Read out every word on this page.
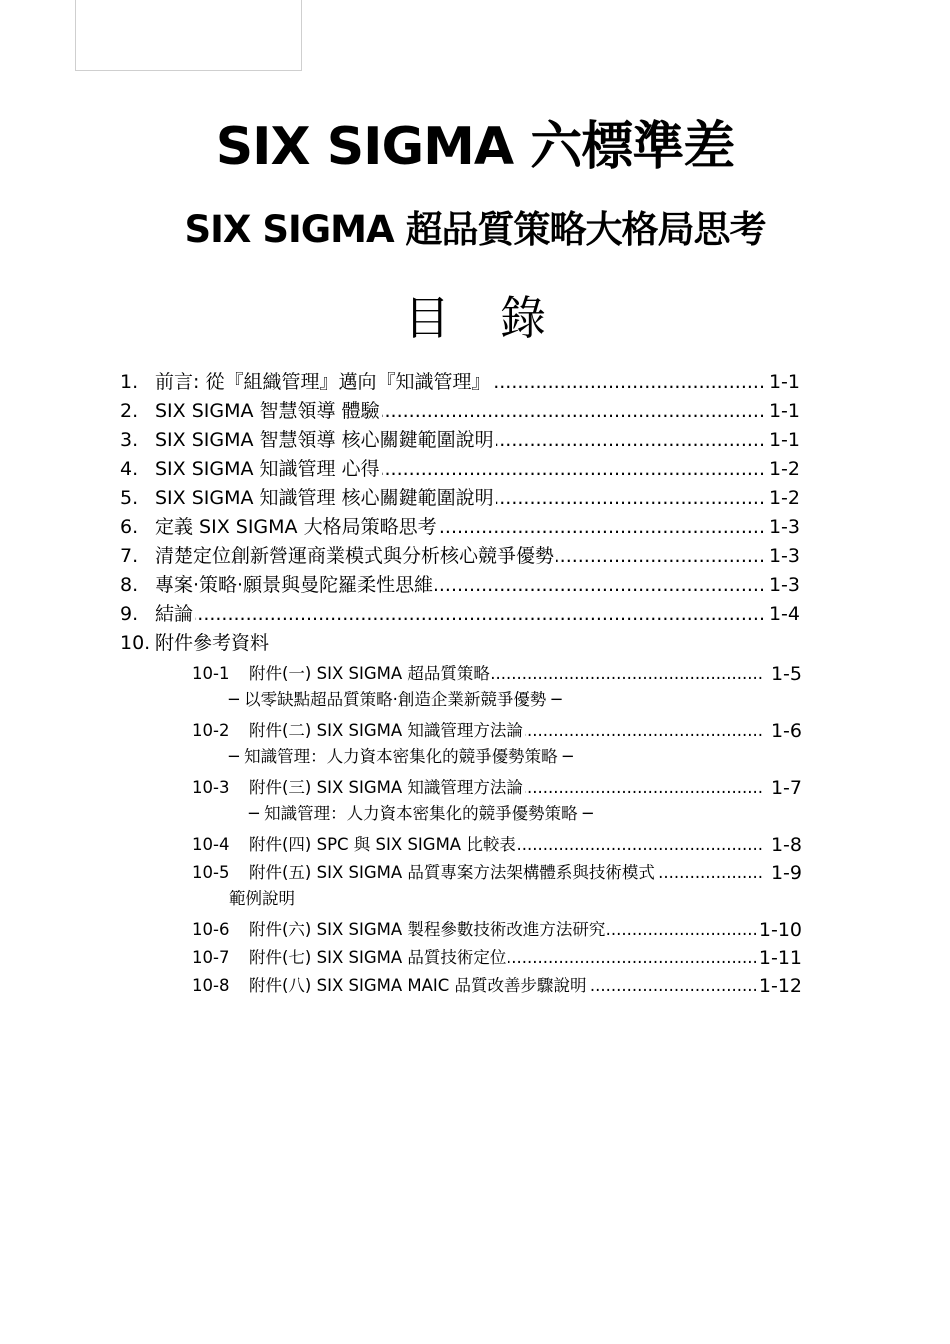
SIX SIGMA 六標準差
SIX SIGMA 超品質策略大格局思考
目 錄
1. ..... 前言: 從『組織管理』邁向『知識管理』	1-1
2. ..... SIX SIGMA 智慧領導 體驗	1-1
3. ..... SIX SIGMA 智慧領導 核心關鍵範圍說明	1-1
4. ..... SIX SIGMA 知識管理 心得	1-2
5. ..... SIX SIGMA 知識管理 核心關鍵範圍說明	1-2
6. ..... 定義 SIX SIGMA 大格局策略思考	1-3
7. ..... 清楚定位創新營運商業模式與分析核心競爭優勢	1-3
8. ..... 專案·策略·願景與曼陀羅柔性思維	1-3
9. ..... 結論	1-4
10. 附件參考資料
10-1 ..... 附件(一) SIX SIGMA 超品質策略	1-5
─ 以零缺點超品質策略·創造企業新競爭優勢 ─
10-2 ..... 附件(二) SIX SIGMA 知識管理方法論	1-6
─ 知識管理：人力資本密集化的競爭優勢策略 ─
10-3 ..... 附件(三) SIX SIGMA 知識管理方法論	1-7
─ 知識管理：人力資本密集化的競爭優勢策略 ─
10-4 ..... 附件(四) SPC 與 SIX SIGMA 比較表	1-8
10-5 ..... 附件(五) SIX SIGMA 品質專案方法架構體系與技術模式	1-9
範例說明
10-6 ..... 附件(六) SIX SIGMA 製程參數技術改進方法研究	1-10
10-7 ..... 附件(七) SIX SIGMA 品質技術定位	1-11
10-8 ..... 附件(八) SIX SIGMA MAIC 品質改善步驟說明	1-12
